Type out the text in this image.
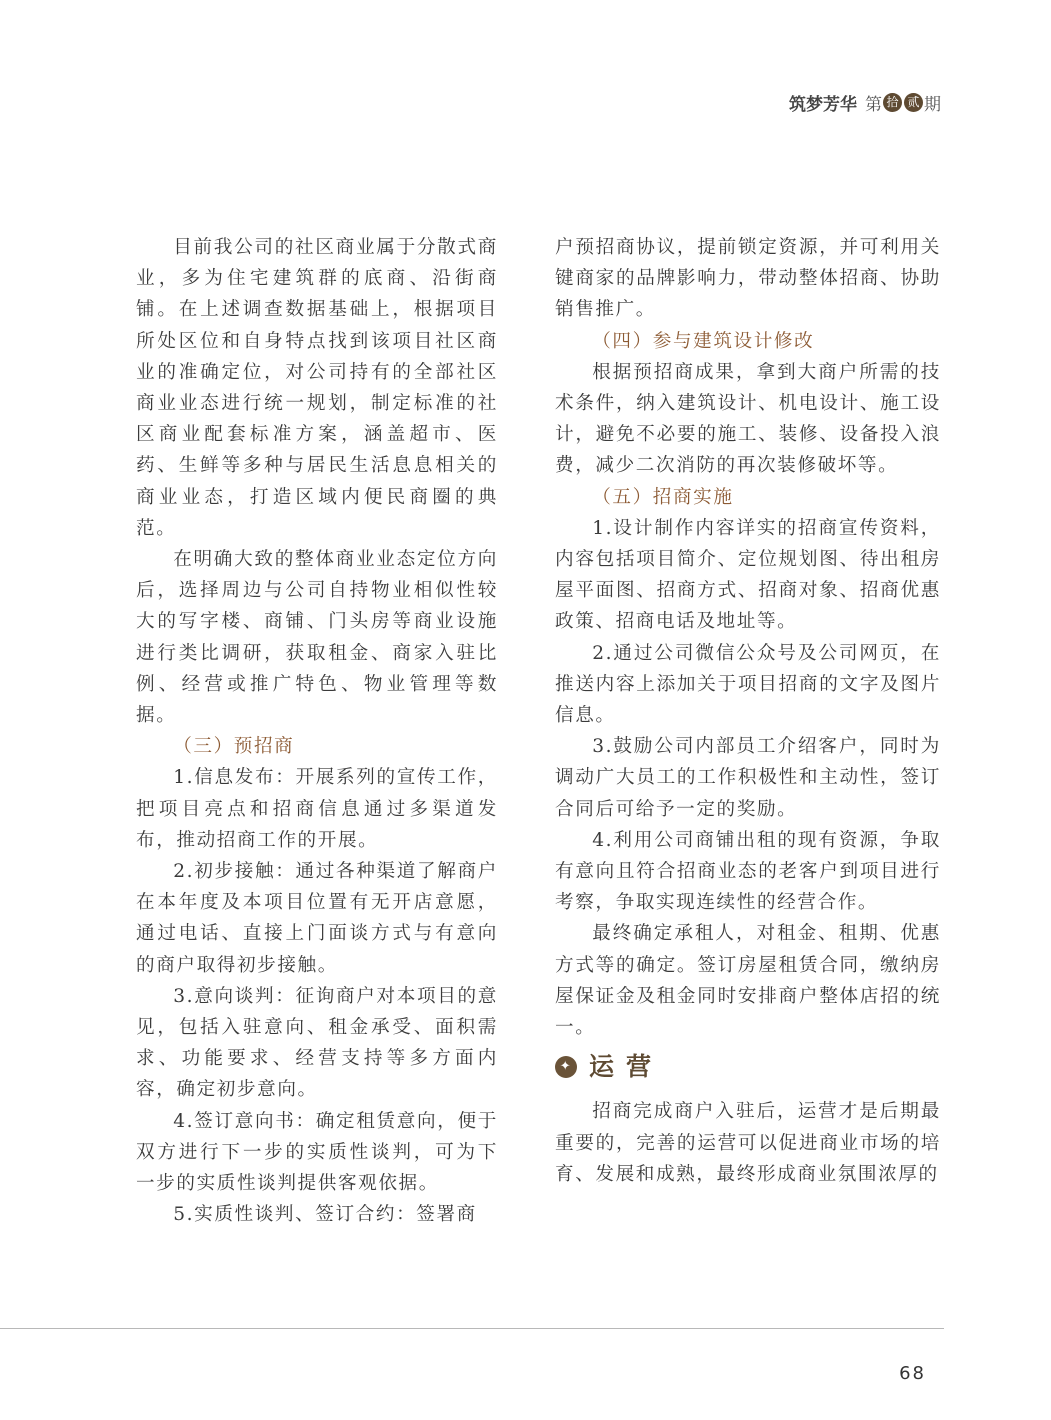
筑梦芳华 第 拾 贰 期

目前我公司的社区商业属于分散式商业，多为住宅建筑群的底商、沿街商铺。在上述调查数据基础上，根据项目所处区位和自身特点找到该项目社区商业的准确定位，对公司持有的全部社区商业业态进行统一规划，制定标准的社区商业配套标准方案，涵盖超市、医药、生鲜等多种与居民生活息息相关的商业业态，打造区域内便民商圈的典范。

在明确大致的整体商业业态定位方向后，选择周边与公司自持物业相似性较大的写字楼、商铺、门头房等商业设施进行类比调研，获取租金、商家入驻比例、经营或推广特色、物业管理等数据。

（三）预招商

1.信息发布：开展系列的宣传工作，把项目亮点和招商信息通过多渠道发布，推动招商工作的开展。

2.初步接触：通过各种渠道了解商户在本年度及本项目位置有无开店意愿，通过电话、直接上门面谈方式与有意向的商户取得初步接触。

3.意向谈判：征询商户对本项目的意见，包括入驻意向、租金承受、面积需求、功能要求、经营支持等多方面内容，确定初步意向。

4.签订意向书：确定租赁意向，便于双方进行下一步的实质性谈判，可为下一步的实质性谈判提供客观依据。

5.实质性谈判、签订合约：签署商

户预招商协议，提前锁定资源，并可利用关键商家的品牌影响力，带动整体招商、协助销售推广。

（四）参与建筑设计修改

根据预招商成果，拿到大商户所需的技术条件，纳入建筑设计、机电设计、施工设计，避免不必要的施工、装修、设备投入浪费，减少二次消防的再次装修破坏等。

（五）招商实施

1.设计制作内容详实的招商宣传资料，内容包括项目简介、定位规划图、待出租房屋平面图、招商方式、招商对象、招商优惠政策、招商电话及地址等。

2.通过公司微信公众号及公司网页，在推送内容上添加关于项目招商的文字及图片信息。

3.鼓励公司内部员工介绍客户，同时为调动广大员工的工作积极性和主动性，签订合同后可给予一定的奖励。

4.利用公司商铺出租的现有资源，争取有意向且符合招商业态的老客户到项目进行考察，争取实现连续性的经营合作。

最终确定承租人，对租金、租期、优惠方式等的确定。签订房屋租赁合同，缴纳房屋保证金及租金同时安排商户整体店招的统一。

✦ 运营

招商完成商户入驻后，运营才是后期最重要的，完善的运营可以促进商业市场的培育、发展和成熟，最终形成商业氛围浓厚的

68
